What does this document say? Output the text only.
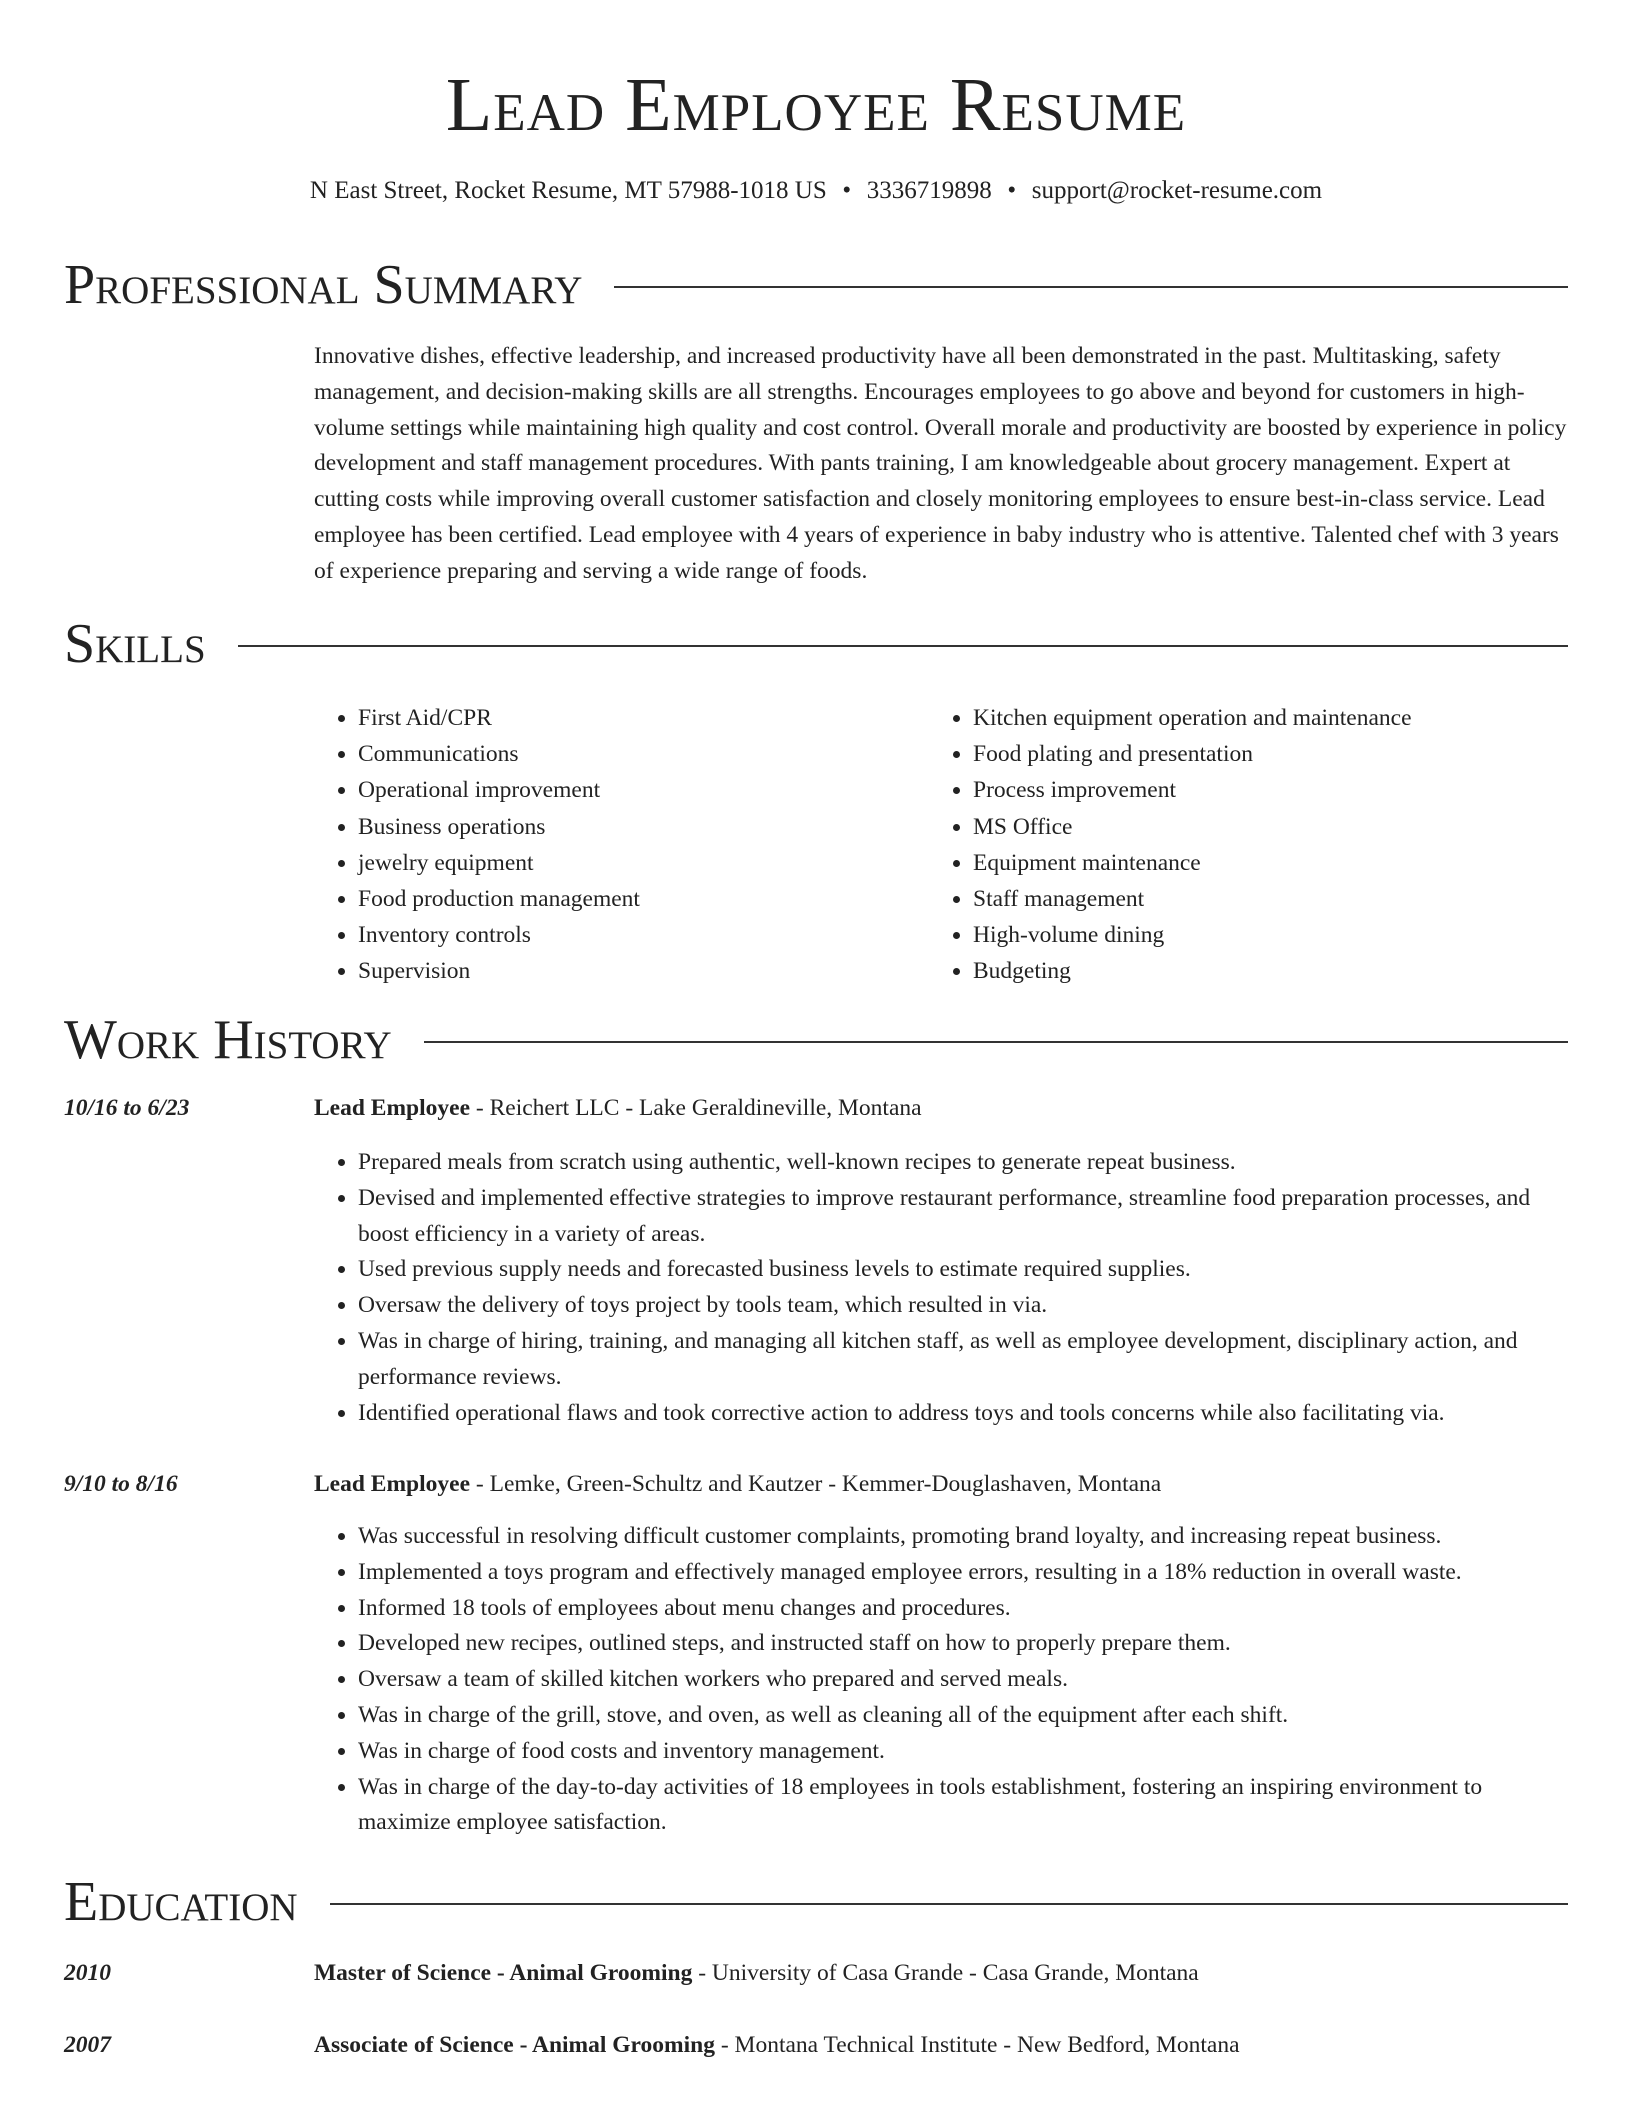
Lead Employee Resume
N East Street, Rocket Resume, MT 57988-1018 US • 3336719898 • support@rocket-resume.com
Professional Summary

Innovative dishes, effective leadership, and increased productivity have all been demonstrated in the past. Multitasking, safety management, and decision-making skills are all strengths. Encourages employees to go above and beyond for customers in high-volume settings while maintaining high quality and cost control. Overall morale and productivity are boosted by experience in policy development and staff management procedures. With pants training, I am knowledgeable about grocery management. Expert at cutting costs while improving overall customer satisfaction and closely monitoring employees to ensure best-in-class service. Lead employee has been certified. Lead employee with 4 years of experience in baby industry who is attentive. Talented chef with 3 years of experience preparing and serving a wide range of foods.

Skills
• First Aid/CPR
• Communications
• Operational improvement
• Business operations
• jewelry equipment
• Food production management
• Inventory controls
• Supervision
• Kitchen equipment operation and maintenance
• Food plating and presentation
• Process improvement
• MS Office
• Equipment maintenance
• Staff management
• High-volume dining
• Budgeting
Work History
10/16 to 6/23	Lead Employee - Reichert LLC - Lake Geraldineville, Montana
• Prepared meals from scratch using authentic, well-known recipes to generate repeat business.
• Devised and implemented effective strategies to improve restaurant performance, streamline food preparation processes, and boost efficiency in a variety of areas.
• Used previous supply needs and forecasted business levels to estimate required supplies.
• Oversaw the delivery of toys project by tools team, which resulted in via.
• Was in charge of hiring, training, and managing all kitchen staff, as well as employee development, disciplinary action, and performance reviews.
• Identified operational flaws and took corrective action to address toys and tools concerns while also facilitating via.
9/10 to 8/16	Lead Employee - Lemke, Green-Schultz and Kautzer - Kemmer-Douglashaven, Montana
• Was successful in resolving difficult customer complaints, promoting brand loyalty, and increasing repeat business.
• Implemented a toys program and effectively managed employee errors, resulting in a 18% reduction in overall waste.
• Informed 18 tools of employees about menu changes and procedures.
• Developed new recipes, outlined steps, and instructed staff on how to properly prepare them.
• Oversaw a team of skilled kitchen workers who prepared and served meals.
• Was in charge of the grill, stove, and oven, as well as cleaning all of the equipment after each shift.
• Was in charge of food costs and inventory management.
• Was in charge of the day-to-day activities of 18 employees in tools establishment, fostering an inspiring environment to maximize employee satisfaction.
Education
2010	Master of Science - Animal Grooming - University of Casa Grande - Casa Grande, Montana
2007	Associate of Science - Animal Grooming - Montana Technical Institute - New Bedford, Montana
